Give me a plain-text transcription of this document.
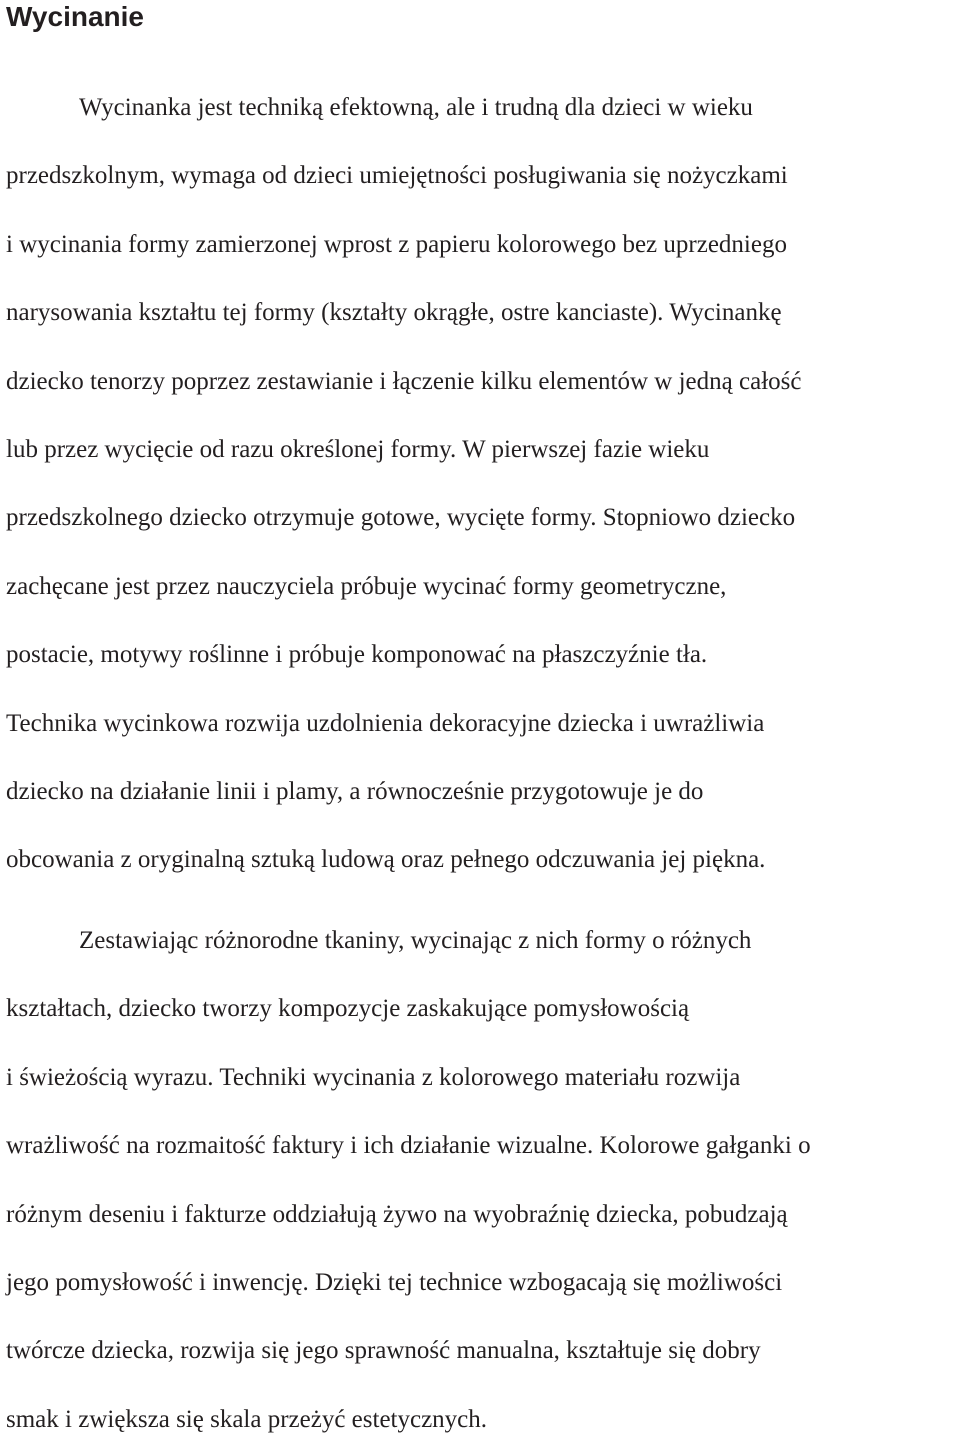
Wycinanie

Wycinanka jest techniką efektowną, ale i trudną dla dzieci w wieku
przedszkolnym, wymaga od dzieci umiejętności posługiwania się nożyczkami
i wycinania formy zamierzonej wprost z papieru kolorowego bez uprzedniego
narysowania kształtu tej formy (kształty okrągłe, ostre kanciaste). Wycinankę
dziecko tenorzy poprzez zestawianie i łączenie kilku elementów w jedną całość
lub przez wycięcie od razu określonej formy. W pierwszej fazie wieku
przedszkolnego dziecko otrzymuje gotowe, wycięte formy. Stopniowo dziecko
zachęcane jest przez nauczyciela próbuje wycinać formy geometryczne,
postacie, motywy roślinne i próbuje komponować na płaszczyźnie tła.
Technika wycinkowa rozwija uzdolnienia dekoracyjne dziecka i uwrażliwia
dziecko na działanie linii i plamy, a równocześnie przygotowuje je do
obcowania z oryginalną sztuką ludową oraz pełnego odczuwania jej piękna.

Zestawiając różnorodne tkaniny, wycinając z nich formy o różnych
kształtach, dziecko tworzy kompozycje zaskakujące pomysłowością
i świeżością wyrazu. Techniki wycinania z kolorowego materiału rozwija
wrażliwość na rozmaitość faktury i ich działanie wizualne. Kolorowe gałganki o
różnym deseniu i fakturze oddziałują żywo na wyobraźnię dziecka, pobudzają
jego pomysłowość i inwencję. Dzięki tej technice wzbogacają się możliwości
twórcze dziecka, rozwija się jego sprawność manualna, kształtuje się dobry
smak i zwiększa się skala przeżyć estetycznych.
